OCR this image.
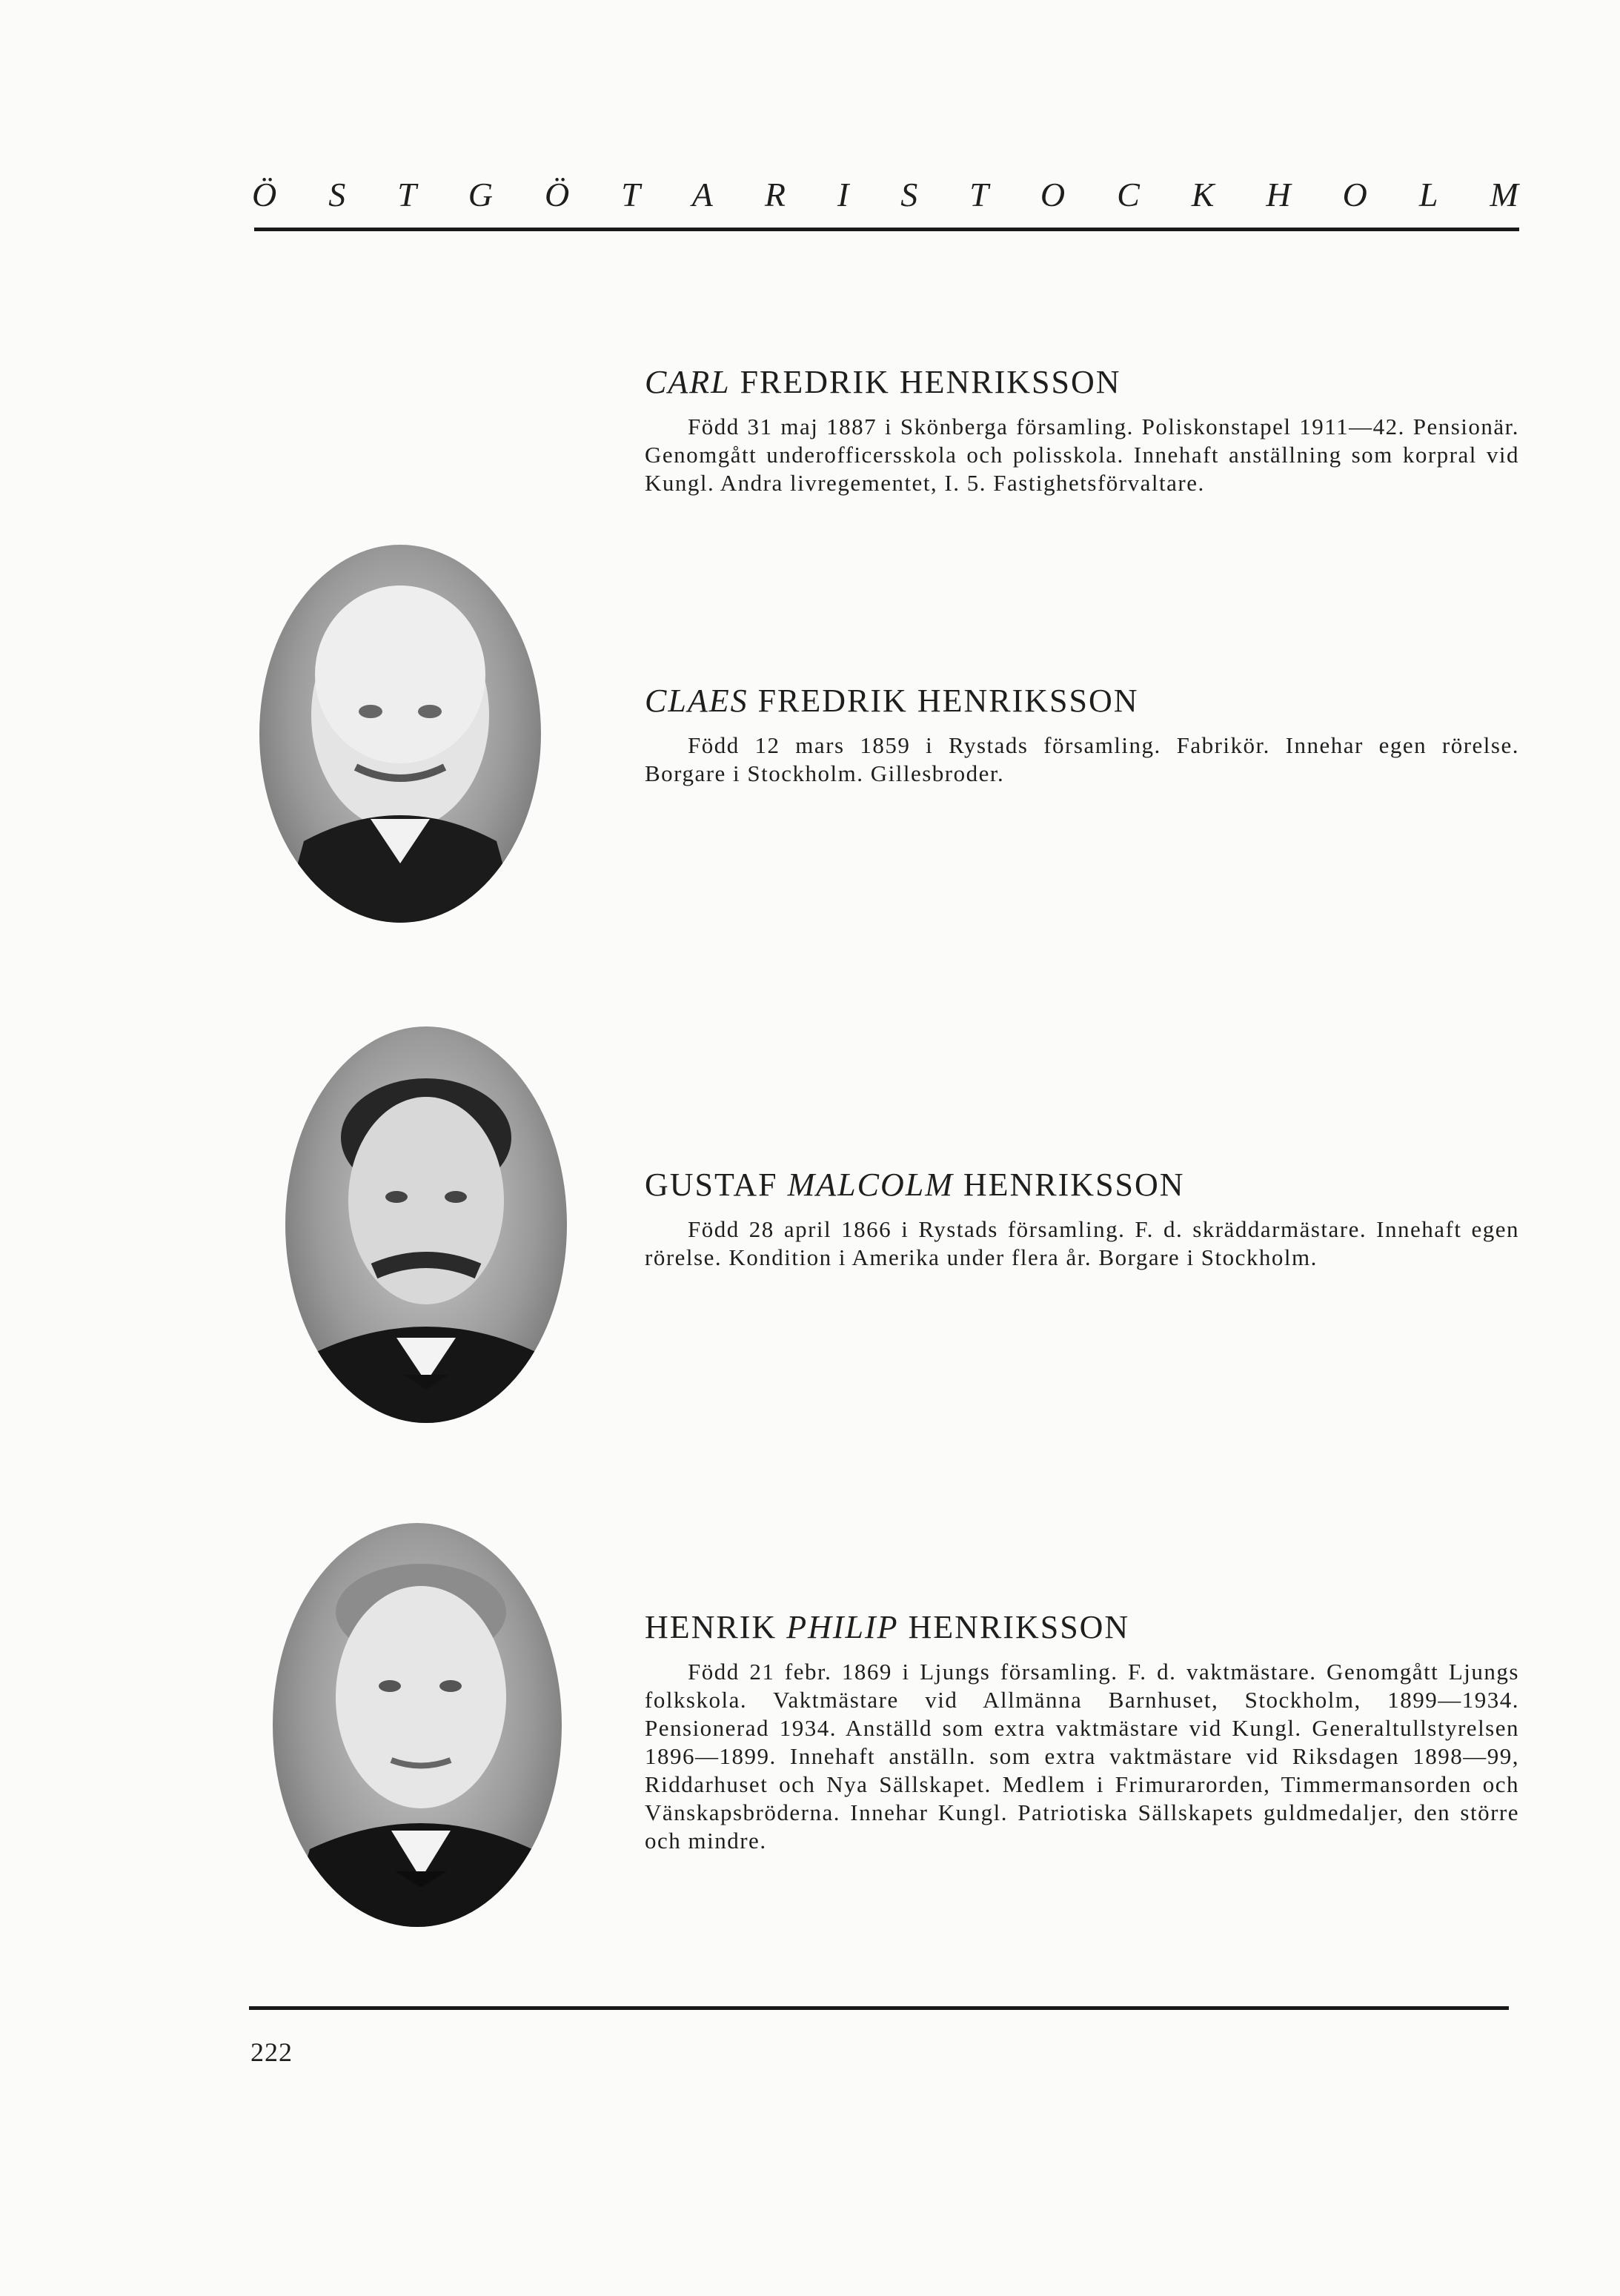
Ö S T G Ö T A R I S T O C K H O L M
CARL FREDRIK HENRIKSSON

Född 31 maj 1887 i Skönberga församling. Poliskonstapel 1911—42. Pensionär. Genomgått underofficersskola och polisskola. Innehaft anställning som korpral vid Kungl. Andra livregementet, I. 5. Fastighetsförvaltare.

CLAES FREDRIK HENRIKSSON

Född 12 mars 1859 i Rystads församling. Fabrikör. Innehar egen rörelse. Borgare i Stockholm. Gillesbroder.

GUSTAF MALCOLM HENRIKSSON

Född 28 april 1866 i Rystads församling. F. d. skräddarmästare. Innehaft egen rörelse. Kondition i Amerika under flera år. Borgare i Stockholm.

HENRIK PHILIP HENRIKSSON

Född 21 febr. 1869 i Ljungs församling. F. d. vaktmästare. Genomgått Ljungs folkskola. Vaktmästare vid Allmänna Barnhuset, Stockholm, 1899—1934. Pensionerad 1934. Anställd som extra vaktmästare vid Kungl. Generaltullstyrelsen 1896—1899. Innehaft anställn. som extra vaktmästare vid Riksdagen 1898—99, Riddarhuset och Nya Sällskapet. Medlem i Frimurarorden, Timmermansorden och Vänskapsbröderna. Innehar Kungl. Patriotiska Sällskapets guldmedaljer, den större och mindre.

222
